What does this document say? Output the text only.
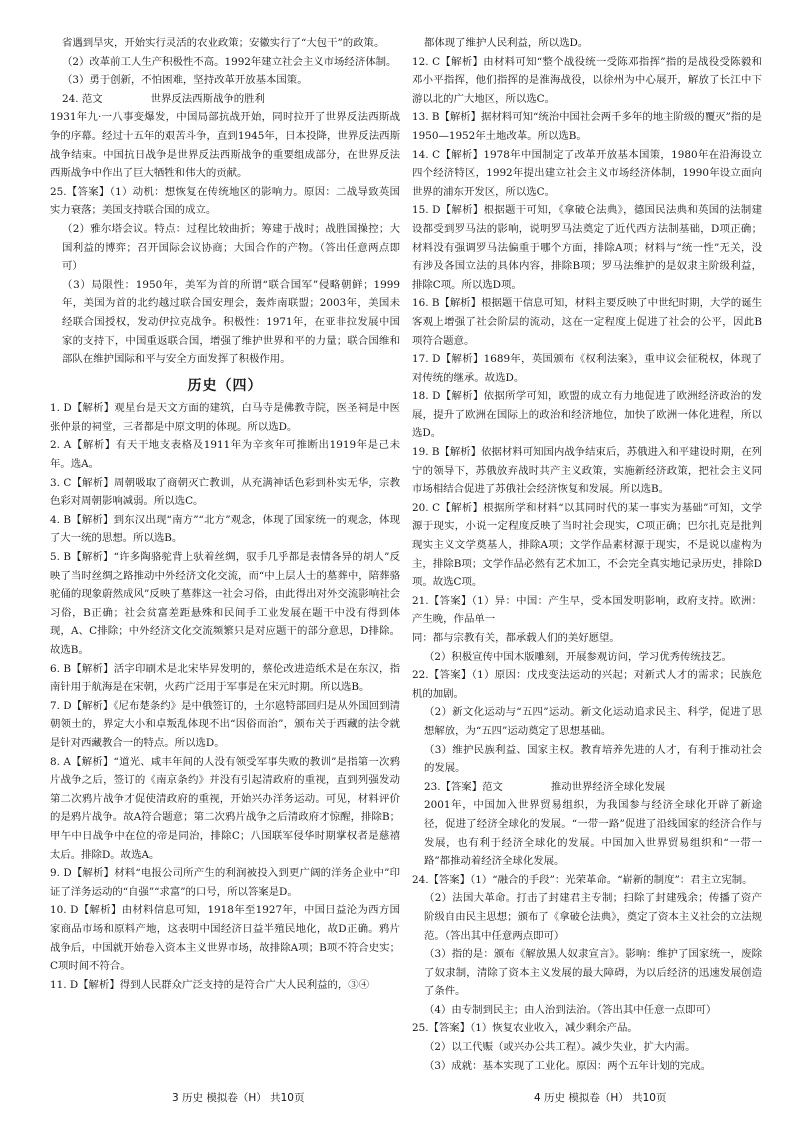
省遇到旱灾，开始实行灵活的农业政策；安徽实行了“大包干”的政策。

（2）改革前工人生产积极性不高。1992年建立社会主义市场经济体制。

（3）勇于创新，不怕困难，坚持改革开放基本国策。

24. 范文	世界反法西斯战争的胜利

1931年九·一八事变爆发，中国局部抗战开始，同时拉开了世界反法西斯战争的序幕。经过十五年的艰苦斗争，直到1945年，日本投降，世界反法西斯战争结束。中国抗日战争是世界反法西斯战争的重要组成部分，在世界反法西斯战争中作出了巨大牺牲和伟大的贡献。

25.【答案】（1）动机：想恢复在传统地区的影响力。原因：二战导致英国实力衰落；美国支持联合国的成立。

（2）雅尔塔会议。特点：过程比较曲折；筹建于战时；战胜国操控；大国利益的博弈；召开国际会议协商；大国合作的产物。（答出任意两点即可）

（3）局限性：1950年，美军为首的所谓“联合国军”侵略朝鲜；1999年，美国为首的北约越过联合国安理会，轰炸南联盟；2003年，美国未经联合国授权，发动伊拉克战争。积极性：1971年，在亚非拉发展中国家的支持下，中国重返联合国，增强了维护世界和平的力量；联合国维和部队在维护国际和平与安全方面发挥了积极作用。

历史（四）

1. D【解析】观星台是天文方面的建筑，白马寺是佛教寺院，医圣祠是中医张仲景的祠堂，三者都是中原文明的体现。所以选D。

2. A【解析】有天干地支表格及1911年为辛亥年可推断出1919年是己未年。选A。

3. C【解析】周朝吸取了商朝灭亡教训，从充满神话色彩到朴实无华，宗教色彩对周朝影响减弱。所以选C。

4. B【解析】到东汉出现“南方”“北方”观念，体现了国家统一的观念，体现了大一统的思想。所以选B。

5. B【解析】“许多陶骆驼背上驮着丝绸，驭手几乎都是表情各异的胡人”反映了当时丝绸之路推动中外经济文化交流，而“中上层人士的墓葬中，陪葬骆驼俑的现象蔚然成风”反映了墓葬这一社会习俗，由此得出对外交流影响社会习俗，B正确；社会贫富差距悬殊和民间手工业发展在题干中没有得到体现，A、C排除；中外经济文化交流频繁只是对应题干的部分意思，D排除。故选B。

6. B【解析】活字印刷术是北宋毕昇发明的，蔡伦改进造纸术是在东汉，指南针用于航海是在宋朝，火药广泛用于军事是在宋元时期。所以选B。

7. D【解析】《尼布楚条约》是中俄签订的，土尔扈特部回归是从外国回到清朝领土的，界定大小和卓叛乱体现不出“因俗而治”，颁布关于西藏的法令就是针对西藏教合一的特点。所以选D。

8. A【解析】“道光、咸丰年间的人没有领受军事失败的教训”是指第一次鸦片战争之后，签订的《南京条约》并没有引起清政府的重视，直到列强发动第二次鸦片战争才促使清政府的重视，开始兴办洋务运动。可见，材料评价的是鸦片战争。故A符合题意；第二次鸦片战争之后清政府才惊醒，排除B；甲午中日战争中在位的帝是同治，排除C；八国联军侵华时期掌权者是慈禧太后。排除D。故选A。

9. D【解析】材料“电报公司所产生的利润被投入到更广阔的洋务企业中”印证了洋务运动的“自强”“求富”的口号，所以答案是D。

10. D【解析】由材料信息可知，1918年至1927年，中国日益沦为西方国家商品市场和原料产地，这表明中国经济日益半殖民地化，故D正确。鸦片战争后，中国就开始卷入资本主义世界市场，故排除A项；B项不符合史实；C项时间不符合。

11. D【解析】得到人民群众广泛支持的是符合广大人民利益的，③④

都体现了维护人民利益，所以选D。

12. C【解析】由材料可知“整个战役统一受陈邓指挥”指的是战役受陈毅和邓小平指挥，他们指挥的是淮海战役，以徐州为中心展开，解放了长江中下游以北的广大地区，所以选C。

13. B【解析】据材料可知“统治中国社会两千多年的地主阶级的覆灭”指的是1950—1952年土地改革。所以选B。

14. C【解析】1978年中国制定了改革开放基本国策，1980年在沿海设立四个经济特区，1992年提出建立社会主义市场经济体制，1990年设立面向世界的浦东开发区，所以选C。

15. D【解析】根据题干可知，《拿破仑法典》，德国民法典和英国的法制建设都受到罗马法的影响，说明罗马法奠定了近代西方法制基础，D项正确；材料没有强调罗马法偏重于哪个方面，排除A项；材料与“统一性”无关，没有涉及各国立法的具体内容，排除B项；罗马法维护的是奴隶主阶级利益，排除C项。所以选D项。

16. B【解析】根据题干信息可知，材料主要反映了中世纪时期，大学的诞生客观上增强了社会阶层的流动，这在一定程度上促进了社会的公平，因此B项符合题意。

17. D【解析】1689年，英国颁布《权利法案》，重申议会征税权，体现了对传统的继承。故选D。

18. D【解析】依据所学可知，欧盟的成立有力地促进了欧洲经济政治的发展，提升了欧洲在国际上的政治和经济地位，加快了欧洲一体化进程，所以选D。

19. B【解析】依据材料可知国内战争结束后，苏俄进入和平建设时期，在列宁的领导下，苏俄放弃战时共产主义政策，实施新经济政策，把社会主义同市场相结合促进了苏俄社会经济恢复和发展。所以选B。

20. C【解析】根据所学和材料“以其同时代的某一事实为基础”可知，文学源于现实，小说一定程度反映了当时社会现实，C项正确；巴尔扎克是批判现实主义文学奠基人，排除A项；文学作品素材源于现实，不是说以虚构为主，排除B项；文学作品必然有艺术加工，不会完全真实地记录历史，排除D项。故选C项。

21.【答案】（1）异：中国：产生早，受本国发明影响，政府支持。欧洲：产生晚，作品单一

同：都与宗教有关，都承载人们的美好愿望。

（2）积极宣传中国木版雕刻，开展参观访问，学习优秀传统技艺。

22.【答案】（1）原因：戊戌变法运动的兴起；对新式人才的需求；民族危机的加剧。

（2）新文化运动与“五四”运动。新文化运动追求民主、科学，促进了思想解放，为“五四”运动奠定了思想基础。

（3）维护民族利益、国家主权。教育培养先进的人才，有利于推动社会的发展。

23.【答案】范文	推动世界经济全球化发展

2001年，中国加入世界贸易组织，为我国参与经济全球化开辟了新途径，促进了经济全球化的发展。“一带一路”促进了沿线国家的经济合作与发展，也有利于经济全球化的发展。中国加入世界贸易组织和“一带一路”都推动着经济全球化发展。

24.【答案】（1）“融合的手段”：光荣革命。“崭新的制度”：君主立宪制。

（2）法国大革命。打击了封建君主专制；扫除了封建残余；传播了资产阶级自由民主思想；颁布了《拿破仑法典》，奠定了资本主义社会的立法规范。（答出其中任意两点即可）

（3）指的是：颁布《解放黑人奴隶宣言》。影响：维护了国家统一，废除了奴隶制，清除了资本主义发展的最大障碍，为以后经济的迅速发展创造了条件。

（4）由专制到民主；由人治到法治。（答出其中任意一点即可）

25.【答案】（1）恢复农业收入，减少剩余产品。

（2）以工代赈（或兴办公共工程）。减少失业，扩大内需。

（3）成就：基本实现了工业化。原因：两个五年计划的完成。

3 历史 模拟卷（H） 共10页	4 历史 模拟卷（H） 共10页
